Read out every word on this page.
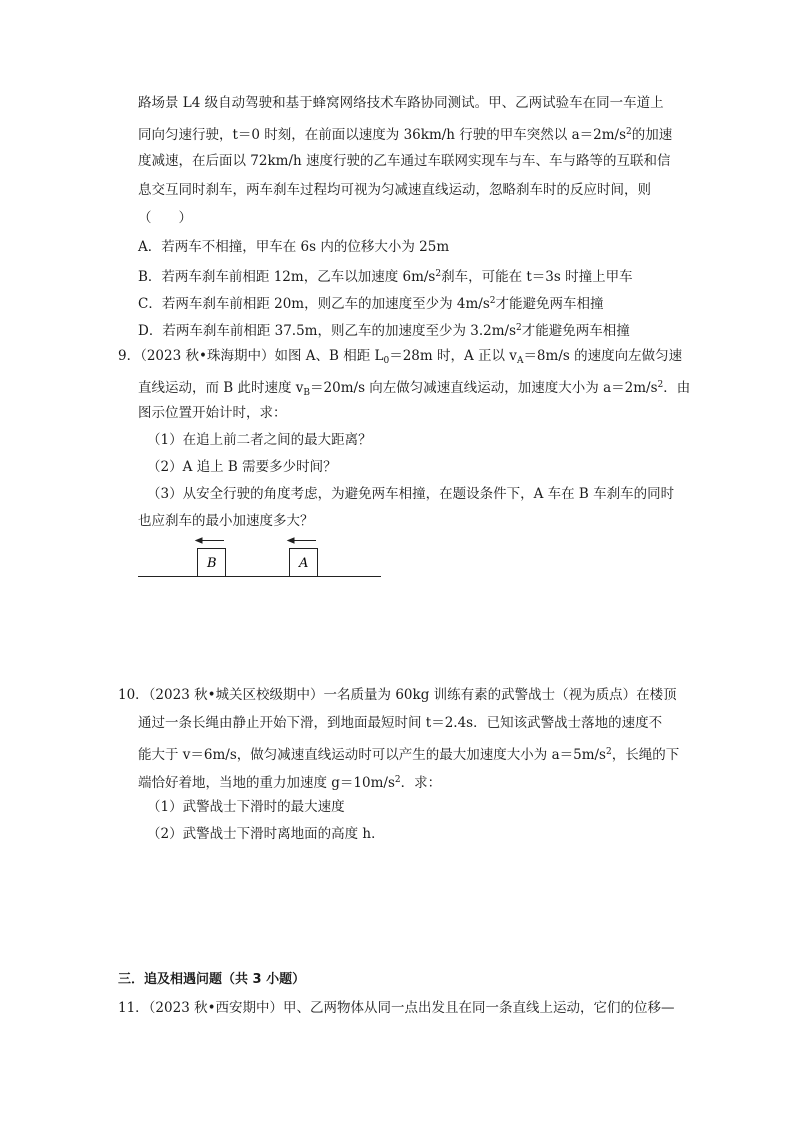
路场景 L4 级自动驾驶和基于蜂窝网络技术车路协同测试。甲、乙两试验车在同一车道上
同向匀速行驶，t＝0 时刻，在前面以速度为 36km/h 行驶的甲车突然以 $a=2m/s^2$的加速
度减速，在后面以 72km/h 速度行驶的乙车通过车联网实现车与车、车与路等的互联和信
息交互同时刹车，两车刹车过程均可视为匀减速直线运动，忽略刹车时的反应时间，则
（　　）
A．若两车不相撞，甲车在 6s 内的位移大小为 25m
B．若两车刹车前相距 12m，乙车以加速度 $6m/s^2$刹车，可能在 t＝3s 时撞上甲车
C．若两车刹车前相距 20m，则乙车的加速度至少为 $4m/s^2$才能避免两车相撞
D．若两车刹车前相距 37.5m，则乙车的加速度至少为 $3.2m/s^2$才能避免两车相撞
9．（2023 秋•珠海期中）如图 A、B 相距 $L_0=28m$ 时，A 正以 $v_A=8m/s$ 的速度向左做匀速
直线运动，而 B 此时速度 $v_B=20m/s$ 向左做匀减速直线运动，加速度大小为 $a=2m/s^2$．由
图示位置开始计时，求：
（1）在追上前二者之间的最大距离？
（2）A 追上 B 需要多少时间？
（3）从安全行驶的角度考虑，为避免两车相撞，在题设条件下，A 车在 B 车刹车的同时
也应刹车的最小加速度多大？
B	A
10．（2023 秋•城关区校级期中）一名质量为 60kg 训练有素的武警战士（视为质点）在楼顶
通过一条长绳由静止开始下滑，到地面最短时间 t＝2.4s．已知该武警战士落地的速度不
能大于 v＝6m/s，做匀减速直线运动时可以产生的最大加速度大小为 $a=5m/s^2$，长绳的下
端恰好着地，当地的重力加速度 $g=10m/s^2$．求：
（1）武警战士下滑时的最大速度
（2）武警战士下滑时离地面的高度 h．
三．追及相遇问题（共 3 小题）
11．（2023 秋•西安期中）甲、乙两物体从同一点出发且在同一条直线上运动，它们的位移—
